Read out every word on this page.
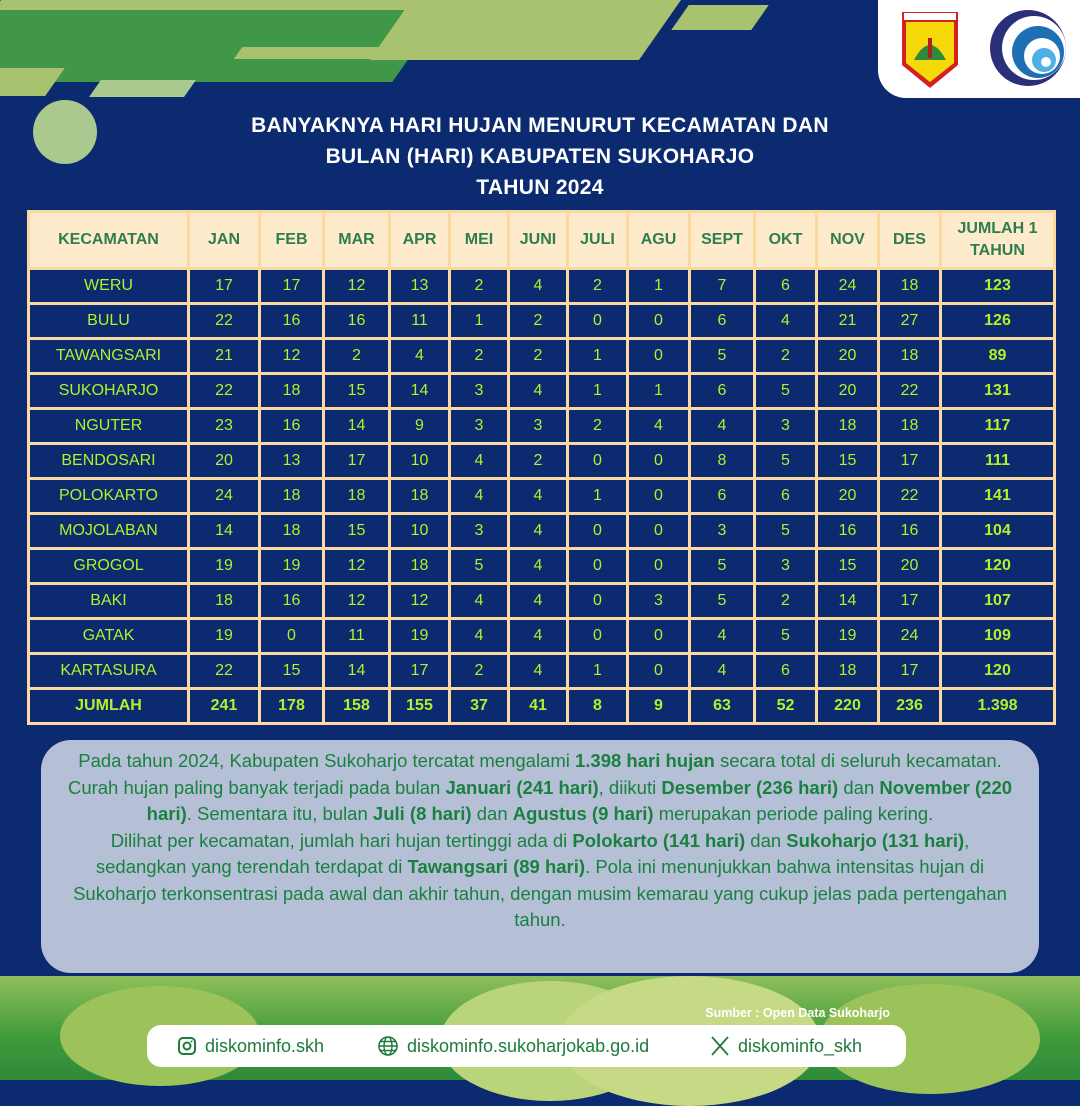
BANYAKNYA HARI HUJAN MENURUT KECAMATAN DAN
BULAN (HARI) KABUPATEN SUKOHARJO
TAHUN 2024
KECAMATAN	JAN	FEB	MAR	APR	MEI	JUNI	JULI	AGU	SEPT	OKT	NOV	DES	JUMLAH 1 TAHUN
WERU	17	17	12	13	2	4	2	1	7	6	24	18	123
BULU	22	16	16	11	1	2	0	0	6	4	21	27	126
TAWANGSARI	21	12	2	4	2	2	1	0	5	2	20	18	89
SUKOHARJO	22	18	15	14	3	4	1	1	6	5	20	22	131
NGUTER	23	16	14	9	3	3	2	4	4	3	18	18	117
BENDOSARI	20	13	17	10	4	2	0	0	8	5	15	17	111
POLOKARTO	24	18	18	18	4	4	1	0	6	6	20	22	141
MOJOLABAN	14	18	15	10	3	4	0	0	3	5	16	16	104
GROGOL	19	19	12	18	5	4	0	0	5	3	15	20	120
BAKI	18	16	12	12	4	4	0	3	5	2	14	17	107
GATAK	19	0	11	19	4	4	0	0	4	5	19	24	109
KARTASURA	22	15	14	17	2	4	1	0	4	6	18	17	120
JUMLAH	241	178	158	155	37	41	8	9	63	52	220	236	1.398
Pada tahun 2024, Kabupaten Sukoharjo tercatat mengalami 1.398 hari hujan secara total di seluruh kecamatan. Curah hujan paling banyak terjadi pada bulan Januari (241 hari), diikuti Desember (236 hari) dan November (220 hari). Sementara itu, bulan Juli (8 hari) dan Agustus (9 hari) merupakan periode paling kering.
Dilihat per kecamatan, jumlah hari hujan tertinggi ada di Polokarto (141 hari) dan Sukoharjo (131 hari), sedangkan yang terendah terdapat di Tawangsari (89 hari). Pola ini menunjukkan bahwa intensitas hujan di Sukoharjo terkonsentrasi pada awal dan akhir tahun, dengan musim kemarau yang cukup jelas pada pertengahan tahun.
Sumber : Open Data Sukoharjo
diskominfo.skh	diskominfo.sukoharjokab.go.id	diskominfo_skh
